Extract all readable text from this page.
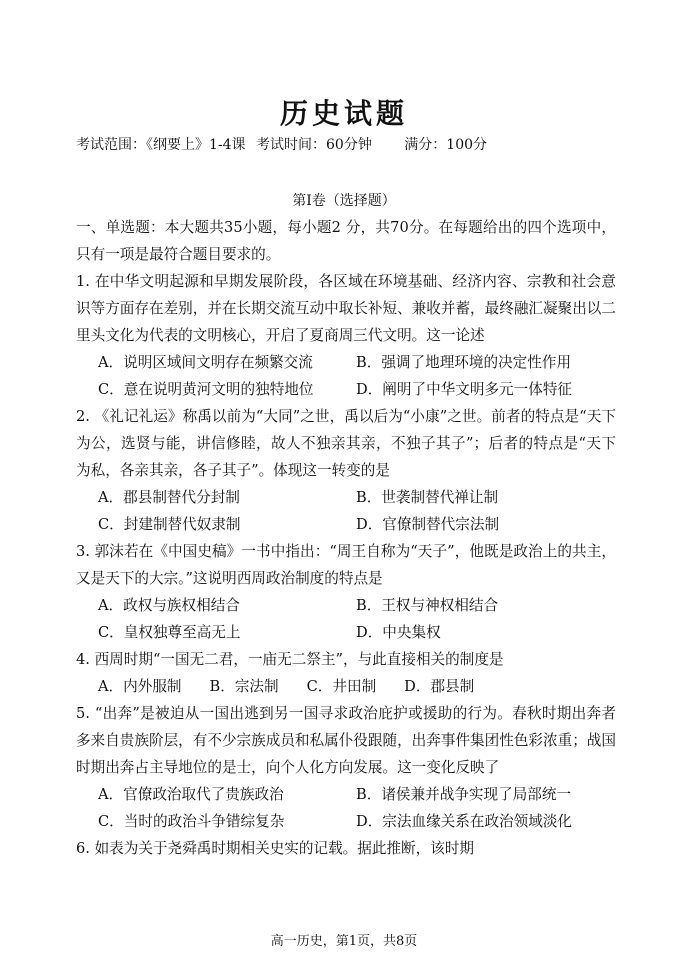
历史试题
考试范围：《纲要上》1-4课 考试时间：60分钟 满分：100分
第Ⅰ卷（选择题）

一、单选题：本大题共35小题，每小题2 分，共70分。在每题给出的四个选项中，只有一项是最符合题目要求的。

1. 在中华文明起源和早期发展阶段，各区域在环境基础、经济内容、宗教和社会意识等方面存在差别，并在长期交流互动中取长补短、兼收并蓄，最终融汇凝聚出以二里头文化为代表的文明核心，开启了夏商周三代文明。这一论述

A．说明区域间文明存在频繁交流	B．强调了地理环境的决定性作用
C．意在说明黄河文明的独特地位	D．阐明了中华文明多元一体特征

2. 《礼记礼运》称禹以前为“大同”之世，禹以后为“小康”之世。前者的特点是“天下为公，选贤与能，讲信修睦，故人不独亲其亲，不独子其子”；后者的特点是“天下为私，各亲其亲，各子其子”。体现这一转变的是

A．郡县制替代分封制	B．世袭制替代禅让制
C．封建制替代奴隶制	D．官僚制替代宗法制

3. 郭沫若在《中国史稿》一书中指出：“周王自称为“天子”，他既是政治上的共主，又是天下的大宗。”这说明西周政治制度的特点是

A．政权与族权相结合	B．王权与神权相结合
C．皇权独尊至高无上	D．中央集权

4. 西周时期“一国无二君，一庙无二祭主”，与此直接相关的制度是

A．内外服制 B．宗法制 C．井田制 D．郡县制

5. “出奔”是被迫从一国出逃到另一国寻求政治庇护或援助的行为。春秋时期出奔者多来自贵族阶层，有不少宗族成员和私属仆役跟随，出奔事件集团性色彩浓重；战国时期出奔占主导地位的是士，向个人化方向发展。这一变化反映了

A．官僚政治取代了贵族政治	B．诸侯兼并战争实现了局部统一
C．当时的政治斗争错综复杂	D．宗法血缘关系在政治领域淡化

6. 如表为关于尧舜禹时期相关史实的记载。据此推断，该时期

高一历史，第1页，共8页
